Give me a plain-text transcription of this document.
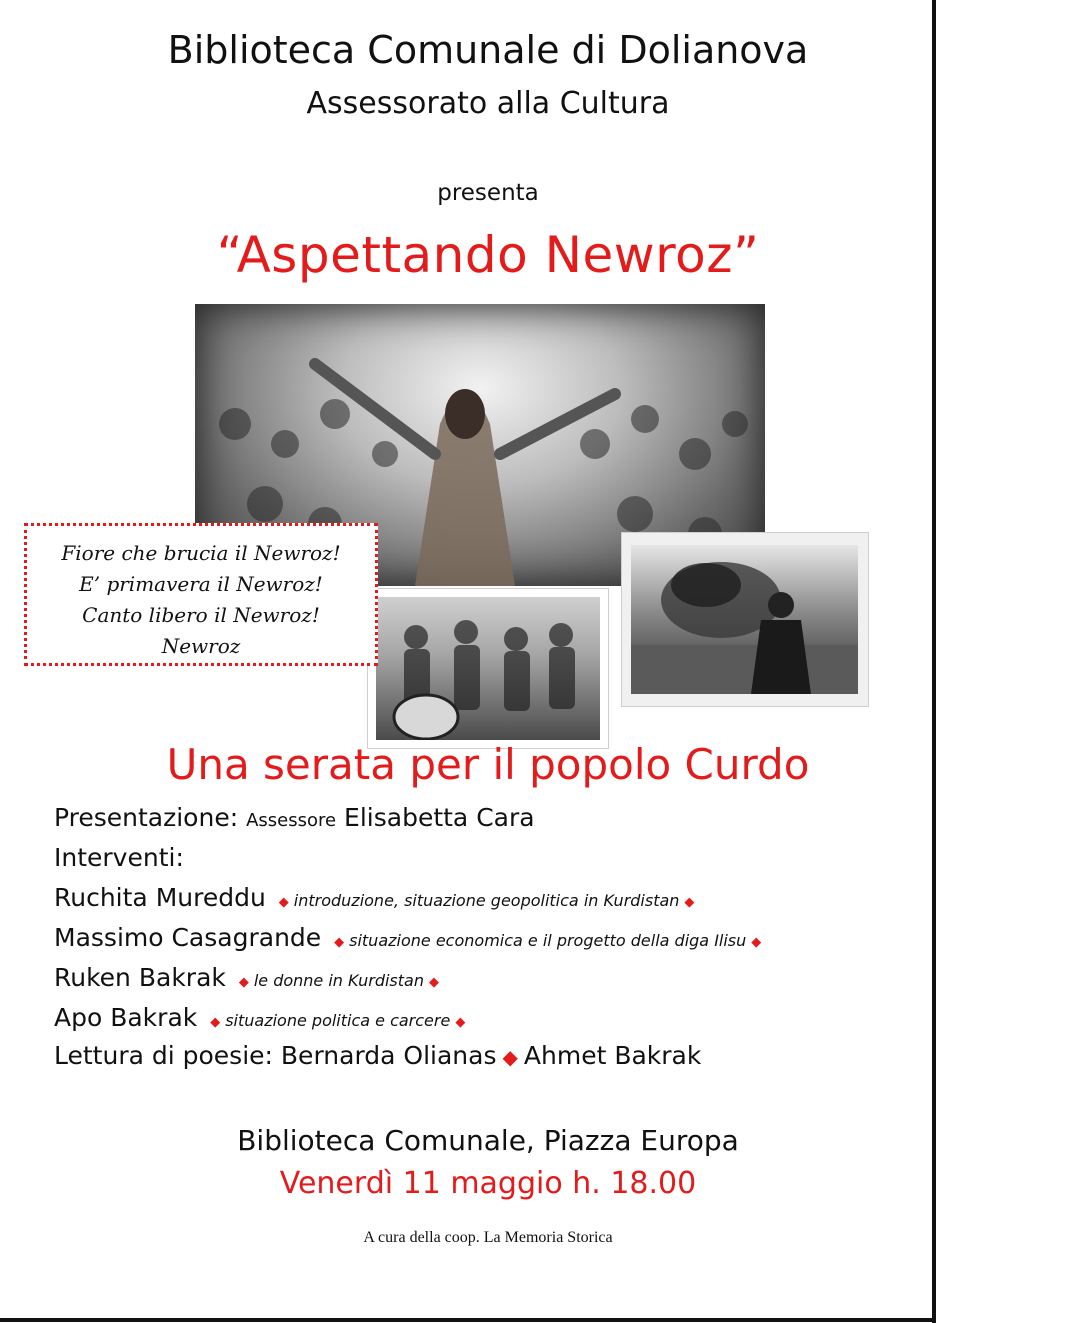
Biblioteca Comunale di Dolianova
Assessorato alla Cultura
presenta
“Aspettando Newroz”
Fiore che brucia il Newroz!
E’ primavera il Newroz!
Canto libero il Newroz!
Newroz
Una serata per il popolo Curdo
Presentazione: Assessore Elisabetta Cara
Interventi:
Ruchita Mureddu ◆ introduzione, situazione geopolitica in Kurdistan ◆
Massimo Casagrande ◆ situazione economica e il progetto della diga Ilisu ◆
Ruken Bakrak ◆ le donne in Kurdistan ◆
Apo Bakrak ◆ situazione politica e carcere ◆
Lettura di poesie: Bernarda Olianas ◆ Ahmet Bakrak
Biblioteca Comunale, Piazza Europa
Venerdì 11 maggio h. 18.00
A cura della coop. La Memoria Storica
